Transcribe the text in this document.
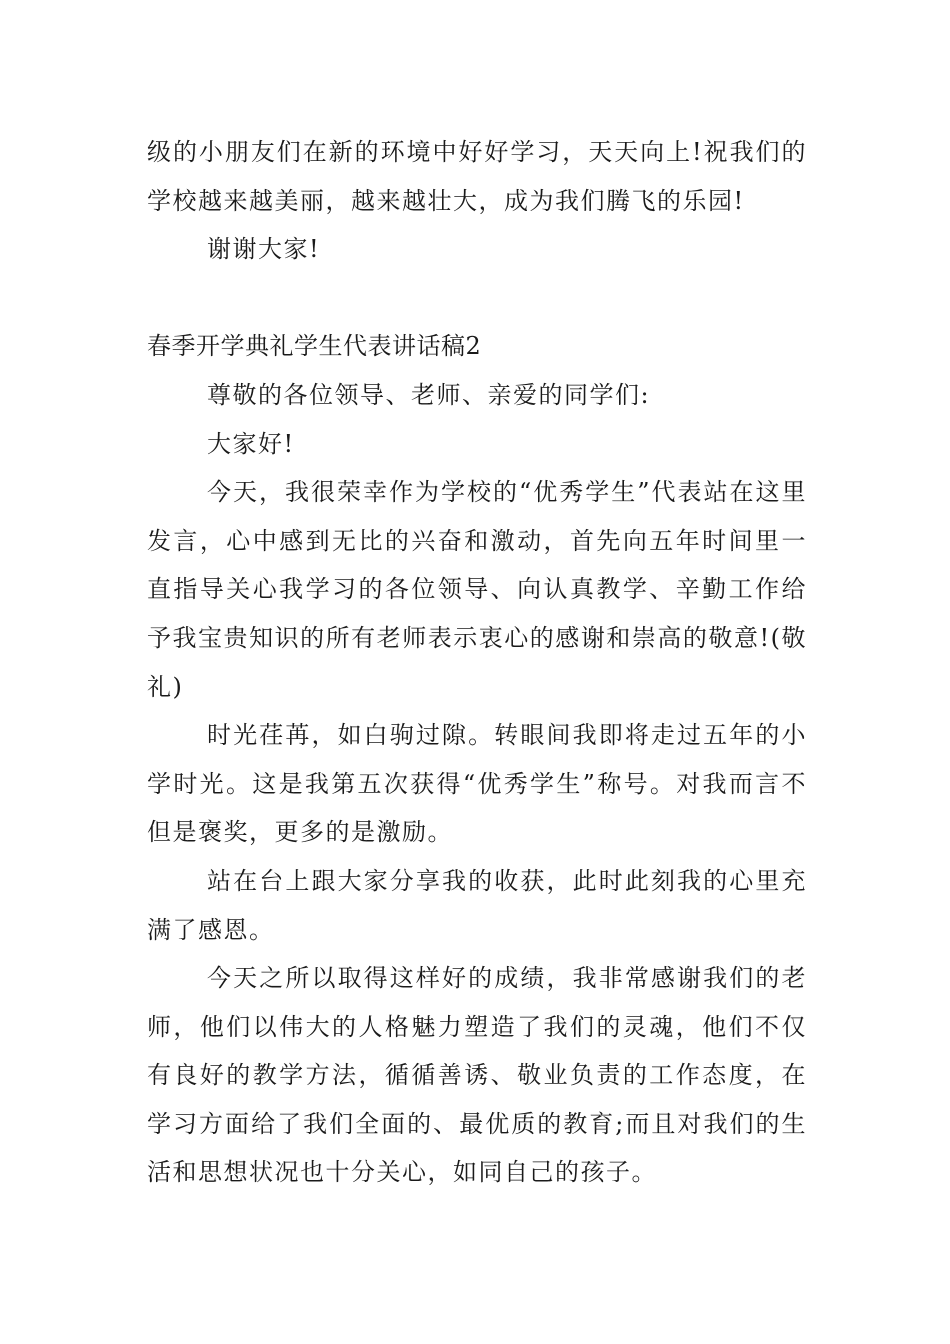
级的小朋友们在新的环境中好好学习，天天向上!祝我们的学校越来越美丽，越来越壮大，成为我们腾飞的乐园!

谢谢大家!

春季开学典礼学生代表讲话稿2

尊敬的各位领导、老师、亲爱的同学们:

大家好!

今天，我很荣幸作为学校的“优秀学生”代表站在这里发言，心中感到无比的兴奋和激动，首先向五年时间里一直指导关心我学习的各位领导、向认真教学、辛勤工作给予我宝贵知识的所有老师表示衷心的感谢和崇高的敬意!(敬礼)

时光荏苒，如白驹过隙。转眼间我即将走过五年的小学时光。这是我第五次获得“优秀学生”称号。对我而言不但是褒奖，更多的是激励。

站在台上跟大家分享我的收获，此时此刻我的心里充满了感恩。

今天之所以取得这样好的成绩，我非常感谢我们的老师，他们以伟大的人格魅力塑造了我们的灵魂，他们不仅有良好的教学方法，循循善诱、敬业负责的工作态度，在学习方面给了我们全面的、最优质的教育;而且对我们的生活和思想状况也十分关心，如同自己的孩子。
